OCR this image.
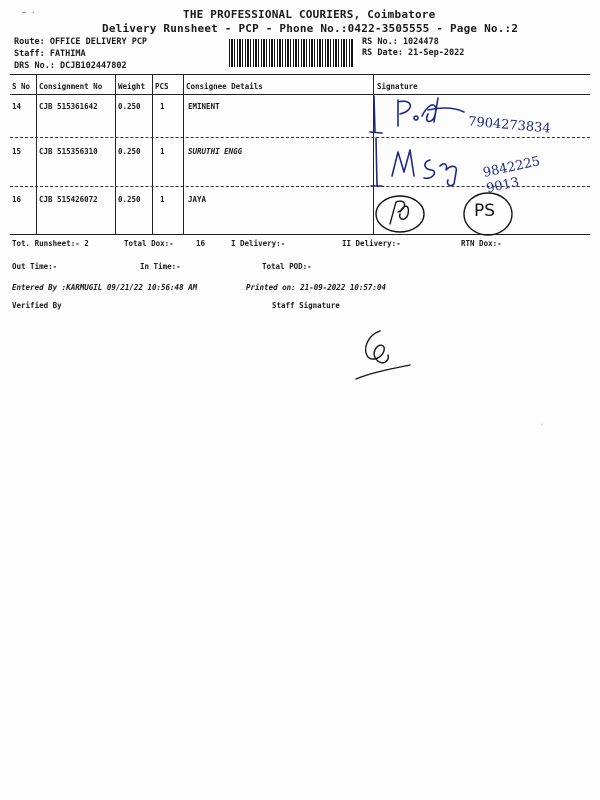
~ ·	THE PROFESSIONAL COURIERS, Coimbatore
Delivery Runsheet - PCP - Phone No.:0422-3505555 - Page No.:2
Route: OFFICE DELIVERY PCP
Staff: FATHIMA
DRS No.: DCJB102447802
RS No.: 1024478
RS Date: 21-Sep-2022
S No Consignment No Weight PCS Consignee Details	Signature
14 CJB 515361642	0.250	1	EMINENT
15 CJB 515356310	0.250	1	SURUTHI ENGG
16 CJB 515426072	0.250	1	JAYA
7904273834
9842225 9013
PS
Tot. Runsheet:- 2	Total Dox:-	16	I Delivery:-	II Delivery:-	RTN Dox:-
Out Time:-	In Time:-	Total POD:-
Entered By :KARMUGIL 09/21/22 10:56:48 AM	Printed on: 21-09-2022 10:57:04
Verified By	Staff Signature
·
